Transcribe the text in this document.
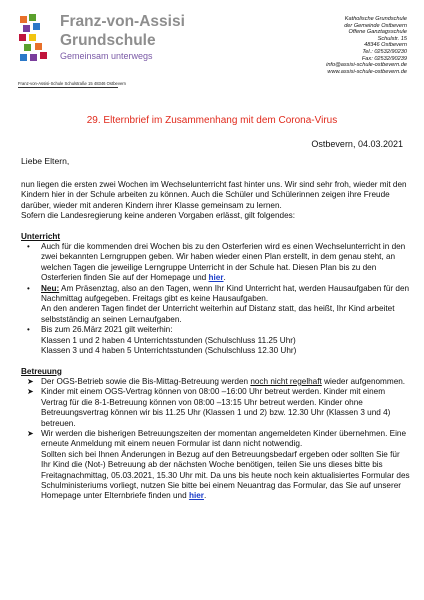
Franz-von-Assisi
Grundschule
Gemeinsam unterwegs
Franz-von-Assisi-Schule Schulstraße 15 48346 Ostbevern
Katholische Grundschule
der Gemeinde Ostbevern
Offene Ganztagsschule
Schulstr. 15
48346 Ostbevern
Tel.: 02532/90230
Fax: 02532/90239
info@assisi-schule-ostbevern.de
www.assisi-schule-ostbevern.de
29. Elternbrief im Zusammenhang mit dem Corona-Virus
Ostbevern, 04.03.2021
Liebe Eltern,

nun liegen die ersten zwei Wochen im Wechselunterricht fast hinter uns. Wir sind sehr froh, wieder mit den Kindern hier in der Schule arbeiten zu können. Auch die Schüler und Schülerinnen zeigen ihre Freude darüber, wieder mit anderen Kindern ihrer Klasse gemeinsam zu lernen.

Sofern die Landesregierung keine anderen Vorgaben erlässt, gilt folgendes:

Unterricht

• Auch für die kommenden drei Wochen bis zu den Osterferien wird es einen Wechselunterricht in den zwei bekannten Lerngruppen geben. Wir haben wieder einen Plan erstellt, in dem genau steht, an welchen Tagen die jeweilige Lerngruppe Unterricht in der Schule hat. Diesen Plan bis zu den Osterferien finden Sie auf der Homepage und hier.
• Neu: Am Präsenztag, also an den Tagen, wenn Ihr Kind Unterricht hat, werden Hausaufgaben für den Nachmittag aufgegeben. Freitags gibt es keine Hausaufgaben.
An den anderen Tagen findet der Unterricht weiterhin auf Distanz statt, das heißt, Ihr Kind arbeitet selbstständig an seinen Lernaufgaben.
• Bis zum 26.März 2021 gilt weiterhin:
Klassen 1 und 2 haben 4 Unterrichtsstunden (Schulschluss 11.25 Uhr)
Klassen 3 und 4 haben 5 Unterrichtsstunden (Schulschluss 12.30 Uhr)

Betreuung

➤ Der OGS-Betrieb sowie die Bis-Mittag-Betreuung werden noch nicht regelhaft wieder aufgenommen.
➤ Kinder mit einem OGS-Vertrag können von 08:00 –16:00 Uhr betreut werden. Kinder mit einem Vertrag für die 8-1-Betreuung können von 08:00 –13:15 Uhr betreut werden. Kinder ohne Betreuungsvertrag können wir bis 11.25 Uhr (Klassen 1 und 2) bzw. 12.30 Uhr (Klassen 3 und 4) betreuen.
➤ Wir werden die bisherigen Betreuungszeiten der momentan angemeldeten Kinder übernehmen. Eine erneute Anmeldung mit einem neuen Formular ist dann nicht notwendig.
Sollten sich bei Ihnen Änderungen in Bezug auf den Betreuungsbedarf ergeben oder sollten Sie für Ihr Kind die (Not-) Betreuung ab der nächsten Woche benötigen, teilen Sie uns dieses bitte bis Freitagnachmittag, 05.03.2021, 15.30 Uhr mit. Da uns bis heute noch kein aktualisiertes Formular des Schulministeriums vorliegt, nutzen Sie bitte bei einem Neuantrag das Formular, das Sie auf unserer Homepage unter Elternbriefe finden und hier.
